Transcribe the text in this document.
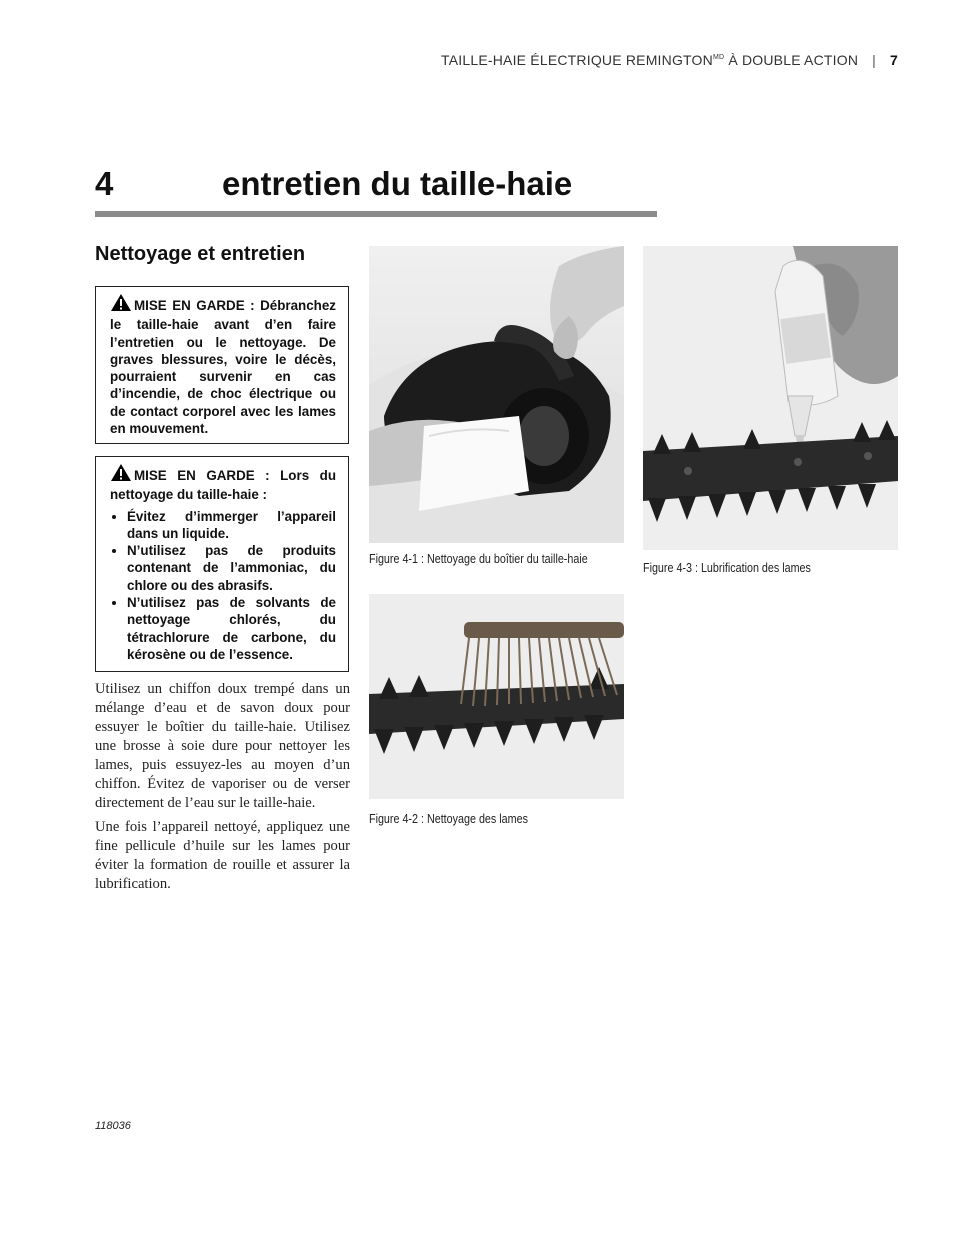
TAILLE-HAIE ÉLECTRIQUE $REMINGTON^{MD}$ À DOUBLE ACTION | 7
4	entretien du taille-haie
Nettoyage et entretien
MISE EN GARDE : Débranchez le taille-haie avant d’en faire l’entretien ou le nettoyage. De graves blessures, voire le décès, pourraient survenir en cas d’incendie, de choc électrique ou de contact corporel avec les lames en mouvement.
MISE EN GARDE : Lors du nettoyage du taille-haie :
• Évitez d’immerger l’appareil dans un liquide.
• N’utilisez pas de produits contenant de l’ammoniac, du chlore ou des abrasifs.
• N’utilisez pas de solvants de nettoyage chlorés, du tétrachlorure de carbone, du kérosène ou de l’essence.

Utilisez un chiffon doux trempé dans un mélange d’eau et de savon doux pour essuyer le boîtier du taille-haie. Utilisez une brosse à soie dure pour nettoyer les lames, puis essuyez-les au moyen d’un chiffon. Évitez de vaporiser ou de verser directement de l’eau sur le taille-haie.

Une fois l’appareil nettoyé, appliquez une fine pellicule d’huile sur les lames pour éviter la formation de rouille et assurer la lubrification.

Figure 4-1 : Nettoyage du boîtier du taille-haie
Figure 4-2 : Nettoyage des lames
Figure 4-3 : Lubrification des lames
118036
